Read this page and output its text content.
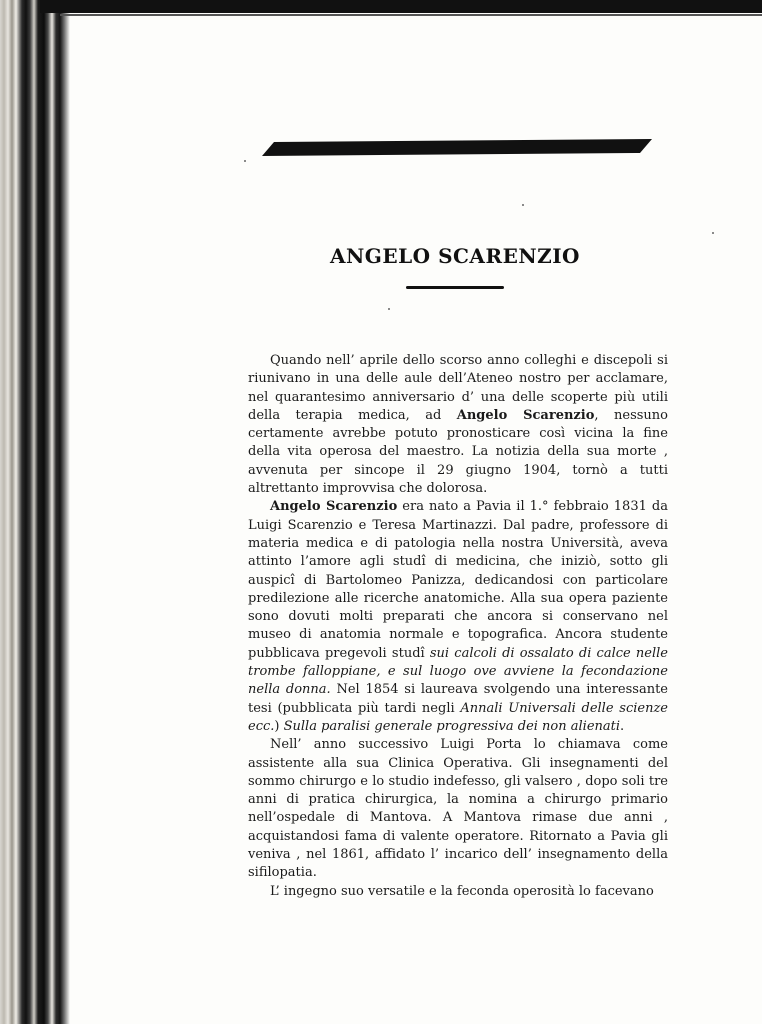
ANGELO SCARENZIO

Quando nell’ aprile dello scorso anno colleghi e discepoli si riunivano in una delle aule dell’Ateneo nostro per acclamare, nel quarantesimo anniversario d’ una delle scoperte più utili della terapia medica, ad Angelo Scarenzio, nessuno certamente avrebbe potuto pronosticare così vicina la fine della vita operosa del maestro. La notizia della sua morte , avvenuta per sincope il 29 giugno 1904, tornò a tutti altrettanto improvvisa che dolorosa.

Angelo Scarenzio era nato a Pavia il 1.° febbraio 1831 da Luigi Scarenzio e Teresa Martinazzi. Dal padre, professore di materia medica e di patologia nella nostra Università, aveva attinto l’amore agli studî di medicina, che iniziò, sotto gli auspicî di Bartolomeo Panizza, dedicandosi con particolare predilezione alle ricerche anatomiche. Alla sua opera paziente sono dovuti molti preparati che ancora si conservano nel museo di anatomia normale e topografica. Ancora studente pubblicava pregevoli studî sui calcoli di ossalato di calce nelle trombe falloppiane, e sul luogo ove avviene la fecondazione nella donna. Nel 1854 si laureava svolgendo una interessante tesi (pubblicata più tardi negli Annali Universali delle scienze ecc.) Sulla paralisi generale progressiva dei non alienati.

Nell’ anno successivo Luigi Porta lo chiamava come assistente alla sua Clinica Operativa. Gli insegnamenti del sommo chirurgo e lo studio indefesso, gli valsero , dopo soli tre anni di pratica chirurgica, la nomina a chirurgo primario nell’ospedale di Mantova. A Mantova rimase due anni , acquistandosi fama di valente operatore. Ritornato a Pavia gli veniva , nel 1861, affidato l’ incarico dell’ insegnamento della sifilopatia.

L’ ingegno suo versatile e la feconda operosità lo facevano
